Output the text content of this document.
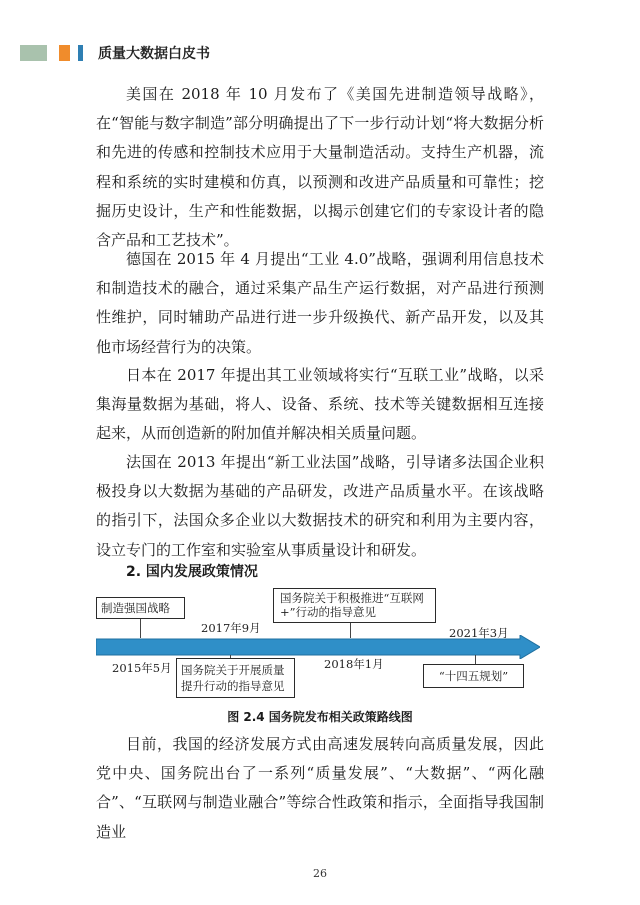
质量大数据白皮书

美国在 2018 年 10 月发布了《美国先进制造领导战略》，在“智能与数字制造”部分明确提出了下一步行动计划“将大数据分析和先进的传感和控制技术应用于大量制造活动。支持生产机器，流程和系统的实时建模和仿真，以预测和改进产品质量和可靠性；挖掘历史设计，生产和性能数据，以揭示创建它们的专家设计者的隐含产品和工艺技术”。

德国在 2015 年 4 月提出“工业 4.0”战略，强调利用信息技术和制造技术的融合，通过采集产品生产运行数据，对产品进行预测性维护，同时辅助产品进行进一步升级换代、新产品开发，以及其他市场经营行为的决策。

日本在 2017 年提出其工业领域将实行“互联工业”战略，以采集海量数据为基础，将人、设备、系统、技术等关键数据相互连接起来，从而创造新的附加值并解决相关质量问题。

法国在 2013 年提出“新工业法国”战略，引导诸多法国企业积极投身以大数据为基础的产品研发，改进产品质量水平。在该战略的指引下，法国众多企业以大数据技术的研究和利用为主要内容，设立专门的工作室和实验室从事质量设计和研发。

2. 国内发展政策情况
制造强国战略
2015年5月
2017年9月
国务院关于开展质量提升行动的指导意见
国务院关于积极推进“互联网+”行动的指导意见
2018年1月
2021年3月
“十四五规划”
图 2.4 国务院发布相关政策路线图

目前，我国的经济发展方式由高速发展转向高质量发展，因此党中央、国务院出台了一系列“质量发展”、“大数据”、“两化融合”、“互联网与制造业融合”等综合性政策和指示，全面指导我国制造业

26
